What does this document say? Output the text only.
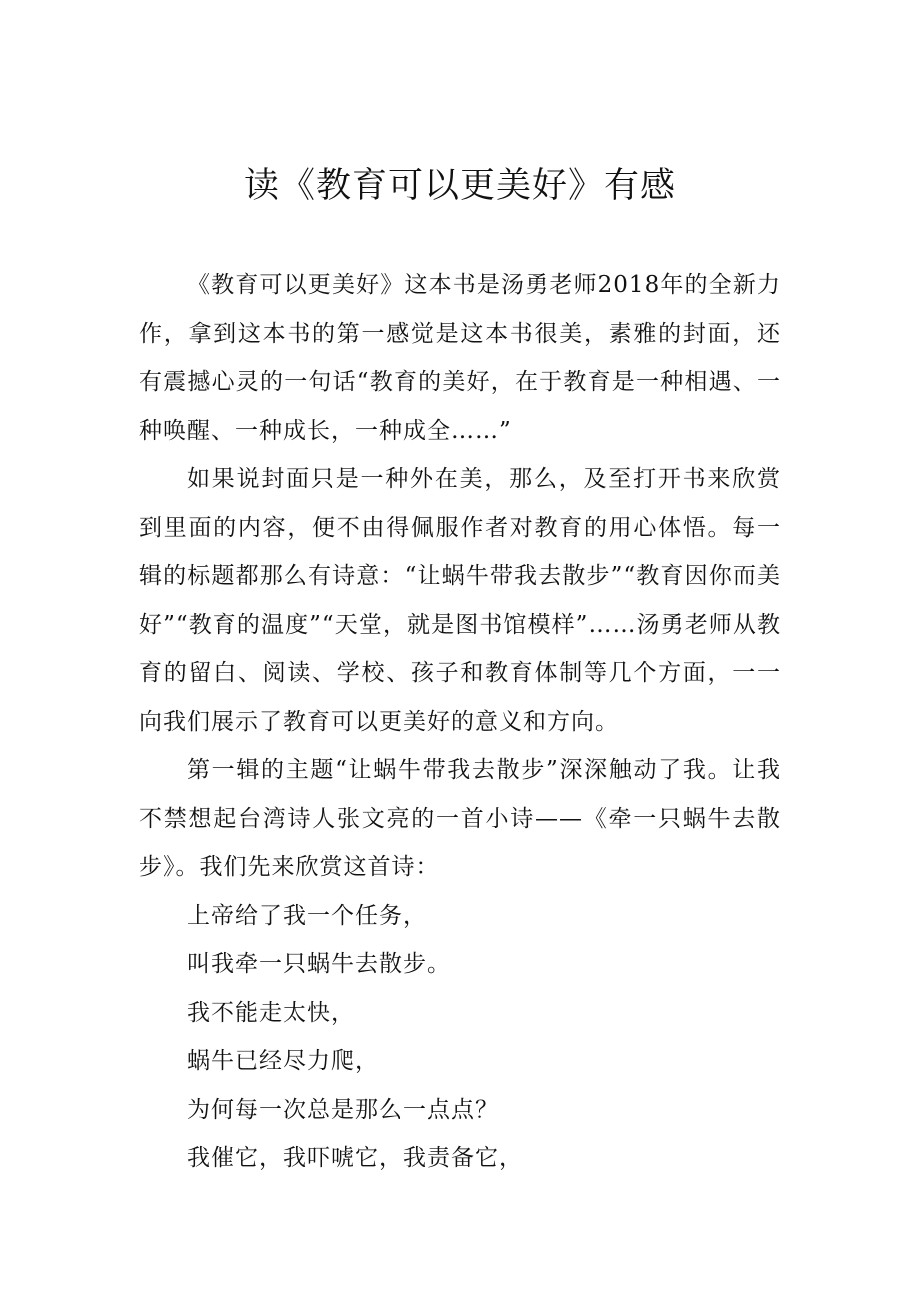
读《教育可以更美好》有感

《教育可以更美好》这本书是汤勇老师2018年的全新力作，拿到这本书的第一感觉是这本书很美，素雅的封面，还有震撼心灵的一句话“教育的美好，在于教育是一种相遇、一种唤醒、一种成长，一种成全……”

如果说封面只是一种外在美，那么，及至打开书来欣赏到里面的内容，便不由得佩服作者对教育的用心体悟。每一辑的标题都那么有诗意：“让蜗牛带我去散步”“教育因你而美好”“教育的温度”“天堂，就是图书馆模样”……汤勇老师从教育的留白、阅读、学校、孩子和教育体制等几个方面，一一向我们展示了教育可以更美好的意义和方向。

第一辑的主题“让蜗牛带我去散步”深深触动了我。让我不禁想起台湾诗人张文亮的一首小诗——《牵一只蜗牛去散步》。我们先来欣赏这首诗：

上帝给了我一个任务，

叫我牵一只蜗牛去散步。

我不能走太快，

蜗牛已经尽力爬，

为何每一次总是那么一点点？

我催它，我吓唬它，我责备它，
